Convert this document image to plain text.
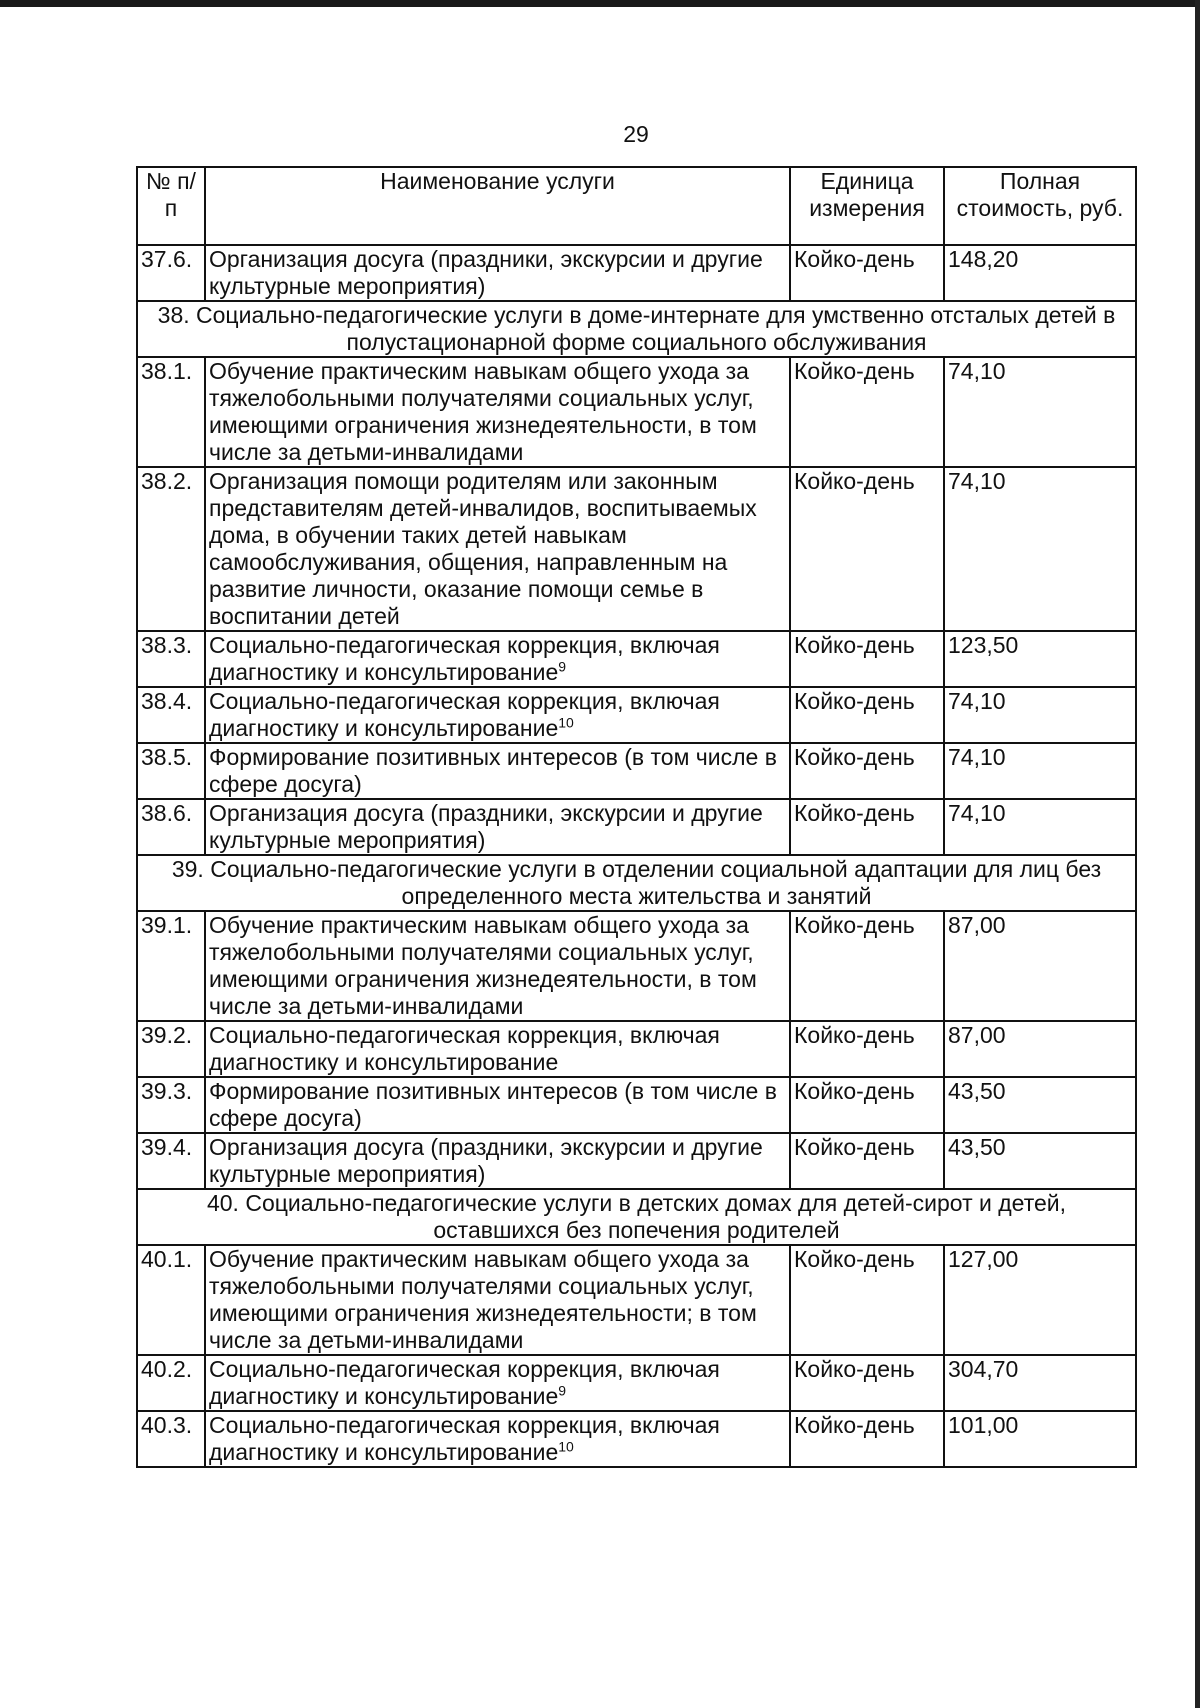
29
№ п/п	Наименование услуги	Единица измерения	Полная стоимость, руб.
37.6.	Организация досуга (праздники, экскурсии и другие культурные мероприятия)	Койко-день	148,20
38. Социально-педагогические услуги в доме-интернате для умственно отсталых детей в полустационарной форме социального обслуживания			
38.1.	Обучение практическим навыкам общего ухода за тяжелобольными получателями социальных услуг, имеющими ограничения жизнедеятельности, в том числе за детьми-инвалидами	Койко-день	74,10
38.2.	Организация помощи родителям или законным представителям детей-инвалидов, воспитываемых дома, в обучении таких детей навыкам самообслуживания, общения, направленным на развитие личности, оказание помощи семье в воспитании детей	Койко-день	74,10
38.3.	Социально-педагогическая коррекция, включая диагностику и консультирование$^9$	Койко-день	123,50
38.4.	Социально-педагогическая коррекция, включая диагностику и консультирование$^{10}$	Койко-день	74,10
38.5.	Формирование позитивных интересов (в том числе в сфере досуга)	Койко-день	74,10
38.6.	Организация досуга (праздники, экскурсии и другие культурные мероприятия)	Койко-день	74,10
39. Социально-педагогические услуги в отделении социальной адаптации для лиц без определенного места жительства и занятий			
39.1.	Обучение практическим навыкам общего ухода за тяжелобольными получателями социальных услуг, имеющими ограничения жизнедеятельности, в том числе за детьми-инвалидами	Койко-день	87,00
39.2.	Социально-педагогическая коррекция, включая диагностику и консультирование	Койко-день	87,00
39.3.	Формирование позитивных интересов (в том числе в сфере досуга)	Койко-день	43,50
39.4.	Организация досуга (праздники, экскурсии и другие культурные мероприятия)	Койко-день	43,50
40. Социально-педагогические услуги в детских домах для детей-сирот и детей, оставшихся без попечения родителей			
40.1.	Обучение практическим навыкам общего ухода за тяжелобольными получателями социальных услуг, имеющими ограничения жизнедеятельности; в том числе за детьми-инвалидами	Койко-день	127,00
40.2.	Социально-педагогическая коррекция, включая диагностику и консультирование$^9$	Койко-день	304,70
40.3.	Социально-педагогическая коррекция, включая диагностику и консультирование$^{10}$	Койко-день	101,00
